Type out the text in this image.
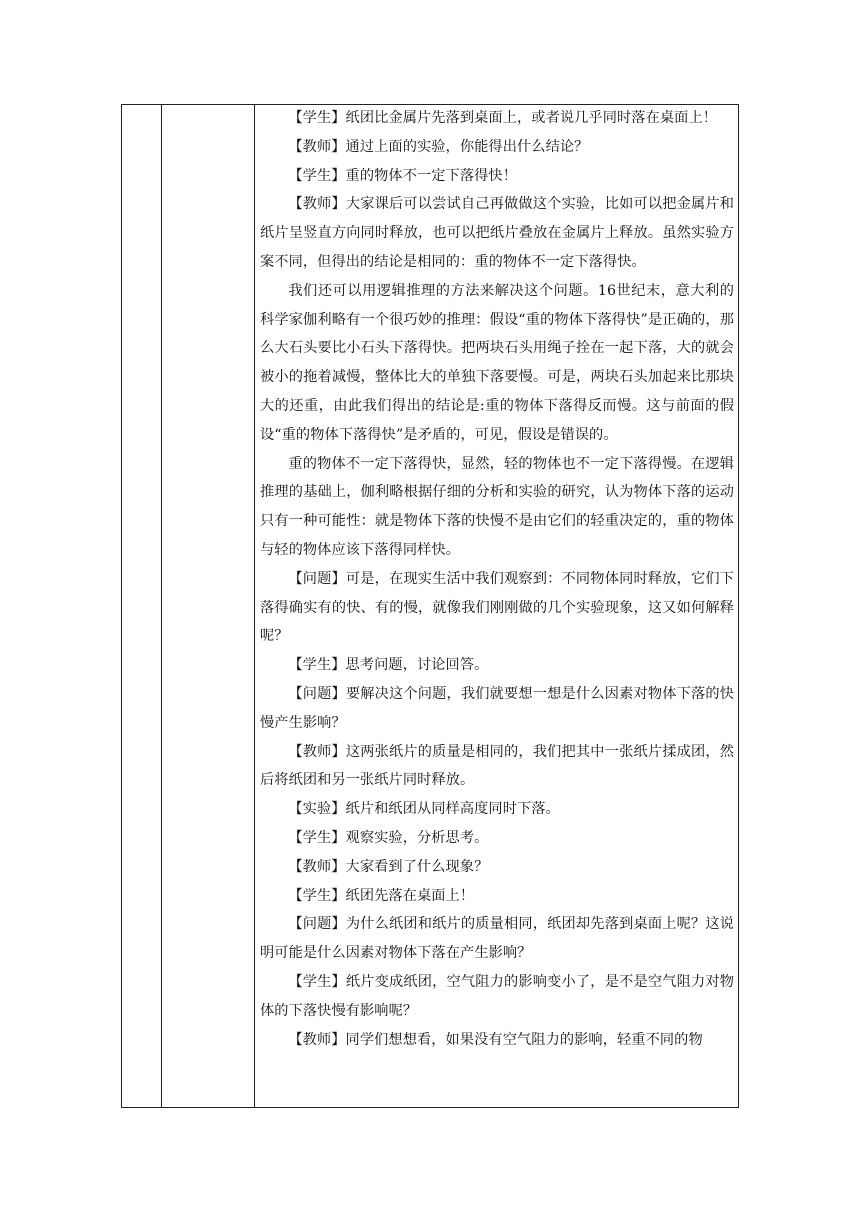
【学生】纸团比金属片先落到桌面上，或者说几乎同时落在桌面上！

【教师】通过上面的实验，你能得出什么结论？

【学生】重的物体不一定下落得快！

【教师】大家课后可以尝试自己再做做这个实验，比如可以把金属片和纸片呈竖直方向同时释放，也可以把纸片叠放在金属片上释放。虽然实验方案不同，但得出的结论是相同的：重的物体不一定下落得快。

我们还可以用逻辑推理的方法来解决这个问题。16世纪末，意大利的科学家伽利略有一个很巧妙的推理：假设“重的物体下落得快”是正确的，那么大石头要比小石头下落得快。把两块石头用绳子拴在一起下落，大的就会被小的拖着减慢，整体比大的单独下落要慢。可是，两块石头加起来比那块大的还重，由此我们得出的结论是:重的物体下落得反而慢。这与前面的假设“重的物体下落得快”是矛盾的，可见，假设是错误的。

重的物体不一定下落得快，显然，轻的物体也不一定下落得慢。在逻辑推理的基础上，伽利略根据仔细的分析和实验的研究，认为物体下落的运动只有一种可能性：就是物体下落的快慢不是由它们的轻重决定的，重的物体与轻的物体应该下落得同样快。

【问题】可是，在现实生活中我们观察到：不同物体同时释放，它们下落得确实有的快、有的慢，就像我们刚刚做的几个实验现象，这又如何解释呢？

【学生】思考问题，讨论回答。

【问题】要解决这个问题，我们就要想一想是什么因素对物体下落的快慢产生影响？

【教师】这两张纸片的质量是相同的，我们把其中一张纸片揉成团，然后将纸团和另一张纸片同时释放。

【实验】纸片和纸团从同样高度同时下落。

【学生】观察实验，分析思考。

【教师】大家看到了什么现象？

【学生】纸团先落在桌面上！

【问题】为什么纸团和纸片的质量相同，纸团却先落到桌面上呢？这说明可能是什么因素对物体下落在产生影响？

【学生】纸片变成纸团，空气阻力的影响变小了，是不是空气阻力对物体的下落快慢有影响呢？

【教师】同学们想想看，如果没有空气阻力的影响，轻重不同的物
